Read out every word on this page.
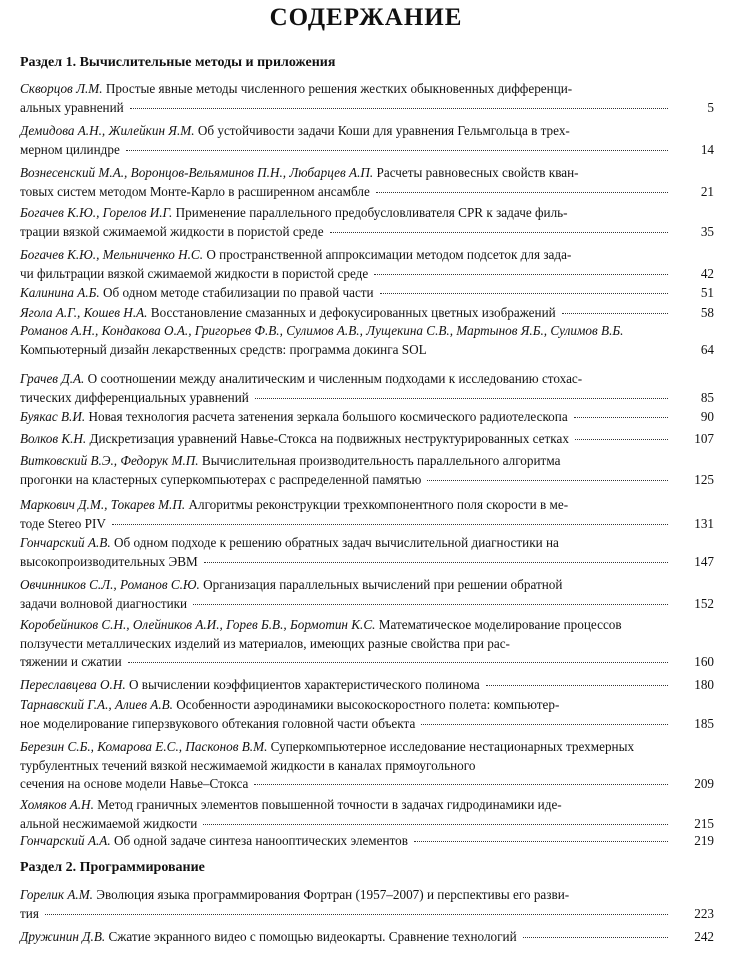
СОДЕРЖАНИЕ
Раздел 1. Вычислительные методы и приложения
Скворцов Л.М. Простые явные методы численного решения жестких обыкновенных дифференци-
альных уравнений	5
Демидова А.Н., Жилейкин Я.М. Об устойчивости задачи Коши для уравнения Гельмгольца в трех-
мерном цилиндре	14
Вознесенский М.А., Воронцов-Вельяминов П.Н., Любарцев А.П. Расчеты равновесных свойств кван-
товых систем методом Монте-Карло в расширенном ансамбле	21
Богачев К.Ю., Горелов И.Г. Применение параллельного предобусловливателя CPR к задаче филь-
трации вязкой сжимаемой жидкости в пористой среде	35
Богачев К.Ю., Мельниченко Н.С. О пространственной аппроксимации методом подсеток для зада-
чи фильтрации вязкой сжимаемой жидкости в пористой среде	42
Калинина А.Б. Об одном методе стабилизации по правой части	51
Ягола А.Г., Кошев Н.А. Восстановление смазанных и дефокусированных цветных изображений	58
Романов А.Н., Кондакова О.А., Григорьев Ф.В., Сулимов А.В., Лущекина С.В., Мартынов Я.Б., Сулимов В.Б. Компьютерный дизайн лекарственных средств: программа докинга SOL	64
Грачев Д.А. О соотношении между аналитическим и численным подходами к исследованию стохас-
тических дифференциальных уравнений	85
Буякас В.И. Новая технология расчета затенения зеркала большого космического радиотелескопа	90
Волков К.Н. Дискретизация уравнений Навье-Стокса на подвижных неструктурированных сетках	107
Витковский В.Э., Федорук М.П. Вычислительная производительность параллельного алгоритма
прогонки на кластерных суперкомпьютерах с распределенной памятью	125
Маркович Д.М., Токарев М.П. Алгоритмы реконструкции трехкомпонентного поля скорости в ме-
тоде Stereo PIV	131
Гончарский А.В. Об одном подходе к решению обратных задач вычислительной диагностики на
высокопроизводительных ЭВМ	147
Овчинников С.Л., Романов С.Ю. Организация параллельных вычислений при решении обратной
задачи волновой диагностики	152
Коробейников С.Н., Олейников А.И., Горев Б.В., Бормотин К.С. Математическое моделирование процессов ползучести металлических изделий из материалов, имеющих разные свойства при рас-
тяжении и сжатии	160
Переславцева О.Н. О вычислении коэффициентов характеристического полинома	180
Тарнавский Г.А., Алиев А.В. Особенности аэродинамики высокоскоростного полета: компьютер-
ное моделирование гиперзвукового обтекания головной части объекта	185
Березин С.Б., Комарова Е.С., Пасконов В.М. Суперкомпьютерное исследование нестационарных трехмерных турбулентных течений вязкой несжимаемой жидкости в каналах прямоугольного
сечения на основе модели Навье–Стокса	209
Хомяков А.Н. Метод граничных элементов повышенной точности в задачах гидродинамики иде-
альной несжимаемой жидкости	215
Гончарский А.А. Об одной задаче синтеза нанооптических элементов	219
Раздел 2. Программирование
Горелик А.М. Эволюция языка программирования Фортран (1957–2007) и перспективы его разви-
тия	223
Дружинин Д.В. Сжатие экранного видео с помощью видеокарты. Сравнение технологий	242
